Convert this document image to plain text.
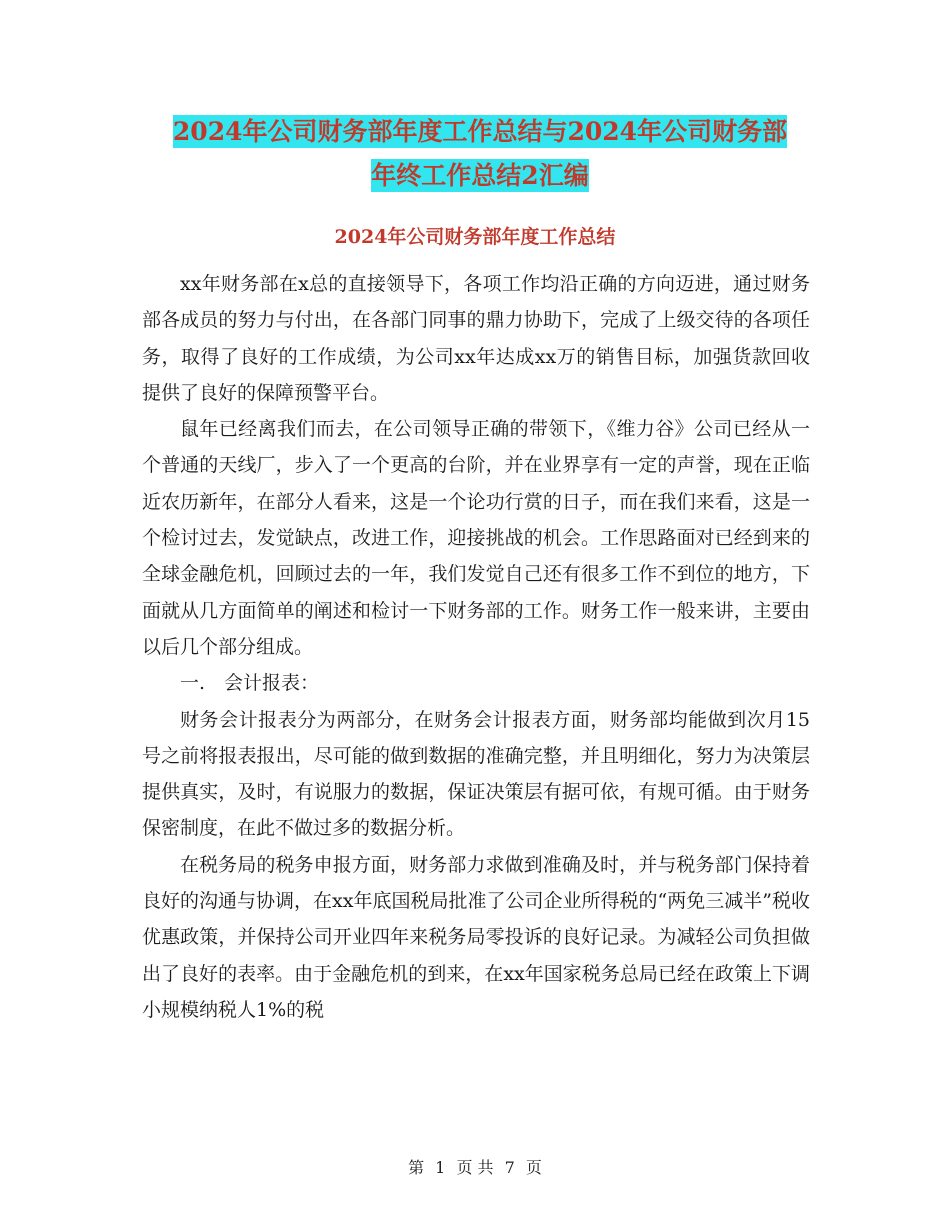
2024年公司财务部年度工作总结与2024年公司财务部
年终工作总结2汇编
2024年公司财务部年度工作总结

xx年财务部在x总的直接领导下，各项工作均沿正确的方向迈进，通过财务部各成员的努力与付出，在各部门同事的鼎力协助下，完成了上级交待的各项任务，取得了良好的工作成绩，为公司xx年达成xx万的销售目标，加强货款回收提供了良好的保障预警平台。

鼠年已经离我们而去，在公司领导正确的带领下，《维力谷》公司已经从一个普通的天线厂，步入了一个更高的台阶，并在业界享有一定的声誉，现在正临近农历新年，在部分人看来，这是一个论功行赏的日子，而在我们来看，这是一个检讨过去，发觉缺点，改进工作，迎接挑战的机会。工作思路面对已经到来的全球金融危机，回顾过去的一年，我们发觉自己还有很多工作不到位的地方，下面就从几方面简单的阐述和检讨一下财务部的工作。财务工作一般来讲，主要由以后几个部分组成。

一.　会计报表：

财务会计报表分为两部分，在财务会计报表方面，财务部均能做到次月15号之前将报表报出，尽可能的做到数据的准确完整，并且明细化，努力为决策层提供真实，及时，有说服力的数据，保证决策层有据可依，有规可循。由于财务保密制度，在此不做过多的数据分析。

在税务局的税务申报方面，财务部力求做到准确及时，并与税务部门保持着良好的沟通与协调，在xx年底国税局批准了公司企业所得税的“两免三减半”税收优惠政策，并保持公司开业四年来税务局零投诉的良好记录。为减轻公司负担做出了良好的表率。由于金融危机的到来，在xx年国家税务总局已经在政策上下调小规模纳税人1%的税

第 1 页 共 7 页
